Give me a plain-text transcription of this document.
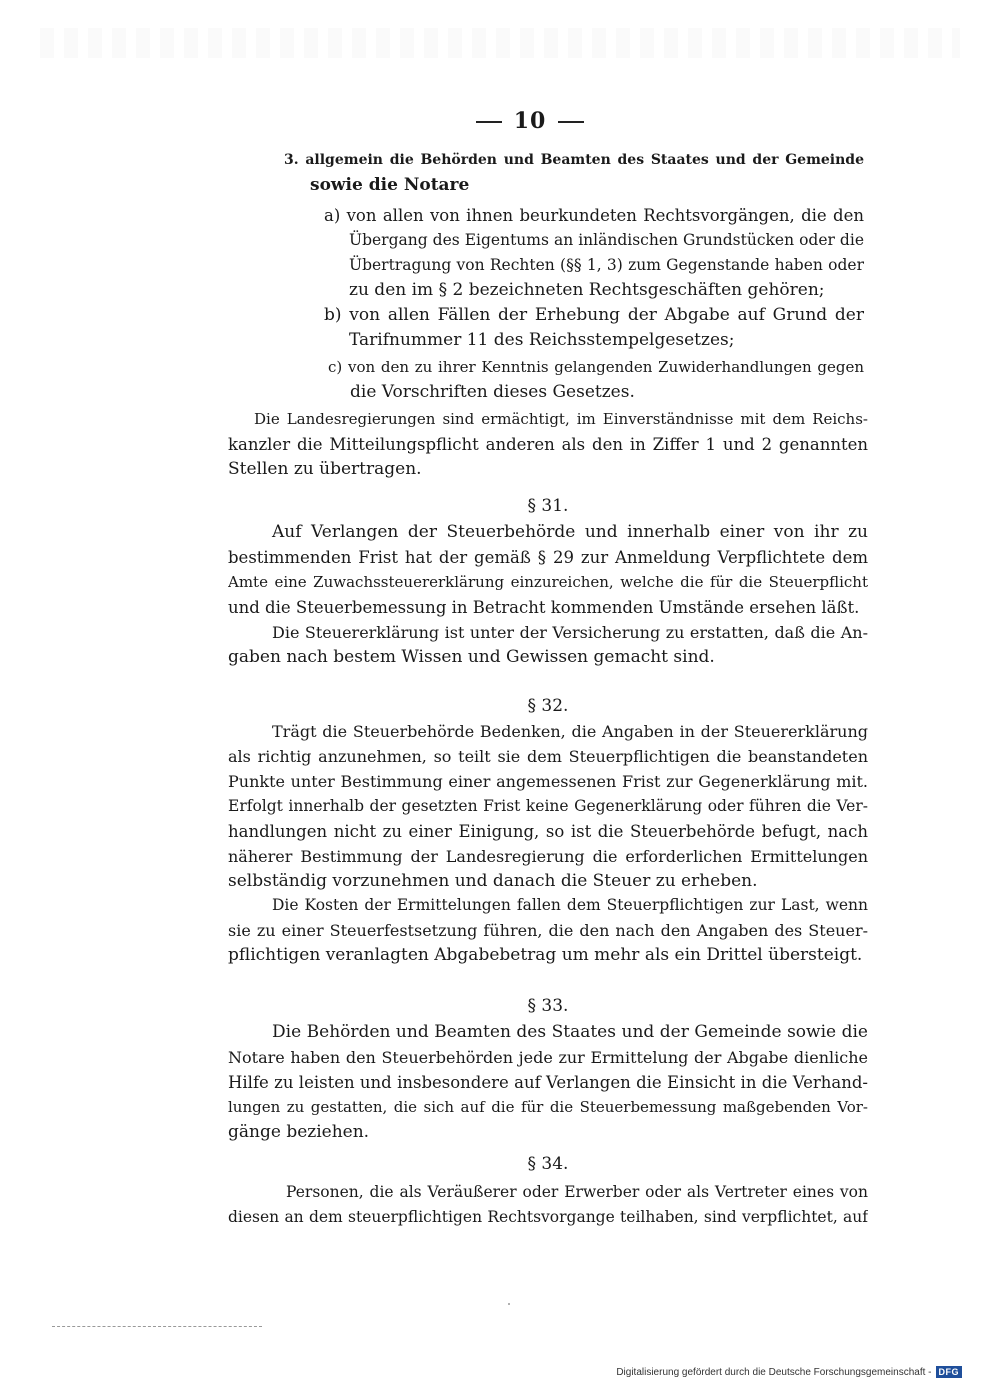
10
3. allgemein die Behörden und Beamten des Staates und der Gemeinde
sowie die Notare
a) von allen von ihnen beurkundeten Rechtsvorgängen, die den
Übergang des Eigentums an inländischen Grundstücken oder die
Übertragung von Rechten (§§ 1, 3) zum Gegenstande haben oder
zu den im § 2 bezeichneten Rechtsgeschäften gehören;
b) von allen Fällen der Erhebung der Abgabe auf Grund der
Tarifnummer 11 des Reichsstempelgesetzes;
c) von den zu ihrer Kenntnis gelangenden Zuwiderhandlungen gegen
die Vorschriften dieses Gesetzes.
Die Landesregierungen sind ermächtigt, im Einverständnisse mit dem Reichs-
kanzler die Mitteilungspflicht anderen als den in Ziffer 1 und 2 genannten
Stellen zu übertragen.
§ 31.
Auf Verlangen der Steuerbehörde und innerhalb einer von ihr zu
bestimmenden Frist hat der gemäß § 29 zur Anmeldung Verpflichtete dem
Amte eine Zuwachssteuererklärung einzureichen, welche die für die Steuerpflicht
und die Steuerbemessung in Betracht kommenden Umstände ersehen läßt.
Die Steuererklärung ist unter der Versicherung zu erstatten, daß die An-
gaben nach bestem Wissen und Gewissen gemacht sind.
§ 32.
Trägt die Steuerbehörde Bedenken, die Angaben in der Steuererklärung
als richtig anzunehmen, so teilt sie dem Steuerpflichtigen die beanstandeten
Punkte unter Bestimmung einer angemessenen Frist zur Gegenerklärung mit.
Erfolgt innerhalb der gesetzten Frist keine Gegenerklärung oder führen die Ver-
handlungen nicht zu einer Einigung, so ist die Steuerbehörde befugt, nach
näherer Bestimmung der Landesregierung die erforderlichen Ermittelungen
selbständig vorzunehmen und danach die Steuer zu erheben.
Die Kosten der Ermittelungen fallen dem Steuerpflichtigen zur Last, wenn
sie zu einer Steuerfestsetzung führen, die den nach den Angaben des Steuer-
pflichtigen veranlagten Abgabebetrag um mehr als ein Drittel übersteigt.
§ 33.
Die Behörden und Beamten des Staates und der Gemeinde sowie die
Notare haben den Steuerbehörden jede zur Ermittelung der Abgabe dienliche
Hilfe zu leisten und insbesondere auf Verlangen die Einsicht in die Verhand-
lungen zu gestatten, die sich auf die für die Steuerbemessung maßgebenden Vor-
gänge beziehen.
§ 34.
Personen, die als Veräußerer oder Erwerber oder als Vertreter eines von
diesen an dem steuerpflichtigen Rechtsvorgange teilhaben, sind verpflichtet, auf
Digitalisierung gefördert durch die Deutsche Forschungsgemeinschaft - DFG
